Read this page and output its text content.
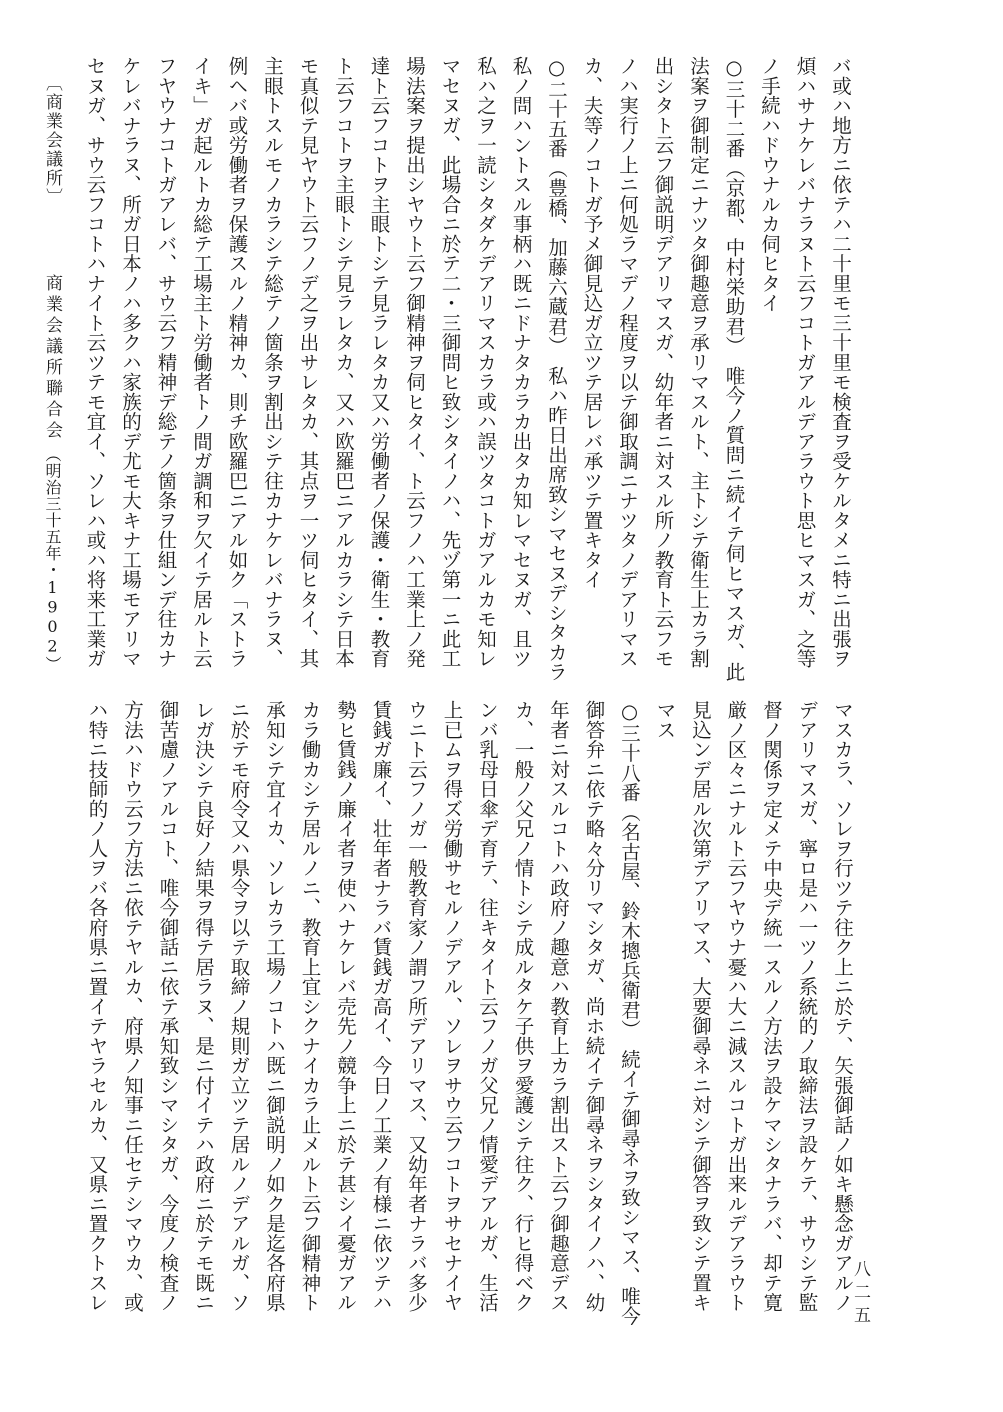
バ或ハ地方ニ依テハ二十里モ三十里モ検査ヲ受ケルタメニ特ニ出張ヲ
煩ハサナケレバナラヌト云フコトガアルデアラウト思ヒマスガ、之等
ノ手続ハドウナルカ伺ヒタイ
○三十二番（京都、中村栄助君）　唯今ノ質問ニ続イテ伺ヒマスガ、此
法案ヲ御制定ニナツタ御趣意ヲ承リマスルト、主トシテ衛生上カラ割
出シタト云フ御説明デアリマスガ、幼年者ニ対スル所ノ教育ト云フモ
ノハ実行ノ上ニ何処ラマデノ程度ヲ以テ御取調ニナツタノデアリマス
カ、夫等ノコトガ予メ御見込ガ立ツテ居レバ承ツテ置キタイ
○二十五番（豊橋、加藤六蔵君）　私ハ昨日出席致シマセヌデシタカラ
私ノ問ハントスル事柄ハ既ニドナタカラカ出タカ知レマセヌガ、且ツ
私ハ之ヲ一読シタダケデアリマスカラ或ハ誤ツタコトガアルカモ知レ
マセヌガ、此場合ニ於テ二・三御問ヒ致シタイノハ、先ヅ第一ニ此工
場法案ヲ提出シヤウト云フ御精神ヲ伺ヒタイ、ト云フノハ工業上ノ発
達ト云フコトヲ主眼トシテ見ラレタカ又ハ労働者ノ保護・衛生・教育
ト云フコトヲ主眼トシテ見ラレタカ、又ハ欧羅巴ニアルカラシテ日本
モ真似テ見ヤウト云フノデ之ヲ出サレタカ、其点ヲ一ツ伺ヒタイ、其
主眼トスルモノカラシテ総テノ箇条ヲ割出シテ往カナケレバナラヌ、
例ヘバ或労働者ヲ保護スルノ精神カ、則チ欧羅巴ニアル如ク「ストラ
イキ」ガ起ルトカ総テ工場主ト労働者トノ間ガ調和ヲ欠イテ居ルト云
フヤウナコトガアレバ、サウ云フ精神デ総テノ箇条ヲ仕組ンデ往カナ
ケレバナラヌ、所ガ日本ノハ多クハ家族的デ尤モ大キナ工場モアリマ
セヌガ、サウ云フコトハナイト云ツテモ宜イ、ソレハ或ハ将来工業ガ
マスカラ、ソレヲ行ツテ往ク上ニ於テ、矢張御話ノ如キ懸念ガアルノ
デアリマスガ、寧ロ是ハ一ツノ系統的ノ取締法ヲ設ケテ、サウシテ監
督ノ関係ヲ定メテ中央デ統一スルノ方法ヲ設ケマシタナラバ、却テ寛
厳ノ区々ニナルト云フヤウナ憂ハ大ニ減スルコトガ出来ルデアラウト
見込ンデ居ル次第デアリマス、大要御尋ネニ対シテ御答ヲ致シテ置キ
マス
○三十八番（名古屋、鈴木摠兵衛君）　続イテ御尋ネヲ致シマス、唯今
御答弁ニ依テ略々分リマシタガ、尚ホ続イテ御尋ネヲシタイノハ、幼
年者ニ対スルコトハ政府ノ趣意ハ教育上カラ割出スト云フ御趣意デス
カ、一般ノ父兄ノ情トシテ成ルタケ子供ヲ愛護シテ往ク、行ヒ得ベク
ンバ乳母日傘デ育テ、往キタイト云フノガ父兄ノ情愛デアルガ、生活
上已ムヲ得ズ労働サセルノデアル、ソレヲサウ云フコトヲサセナイヤ
ウニト云フノガ一般教育家ノ謂フ所デアリマス、又幼年者ナラバ多少
賃銭ガ廉イ、壮年者ナラバ賃銭ガ高イ、今日ノ工業ノ有様ニ依ツテハ
勢ヒ賃銭ノ廉イ者ヲ使ハナケレバ売先ノ競争上ニ於テ甚シイ憂ガアル
カラ働カシテ居ルノニ、教育上宜シクナイカラ止メルト云フ御精神ト
承知シテ宜イカ、ソレカラ工場ノコトハ既ニ御説明ノ如ク是迄各府県
ニ於テモ府令又ハ県令ヲ以テ取締ノ規則ガ立ツテ居ルノデアルガ、ソ
レガ決シテ良好ノ結果ヲ得テ居ラヌ、是ニ付イテハ政府ニ於テモ既ニ
御苦慮ノアルコト、唯今御話ニ依テ承知致シマシタガ、今度ノ検査ノ
方法ハドウ云フ方法ニ依テヤルカ、府県ノ知事ニ任セテシマウカ、或
ハ特ニ技師的ノ人ヲバ各府県ニ置イテヤラセルカ、又県ニ置クトスレ
〔商業会議所〕
商業会議所聯合会
（明治三十五年・1902）
八二五
